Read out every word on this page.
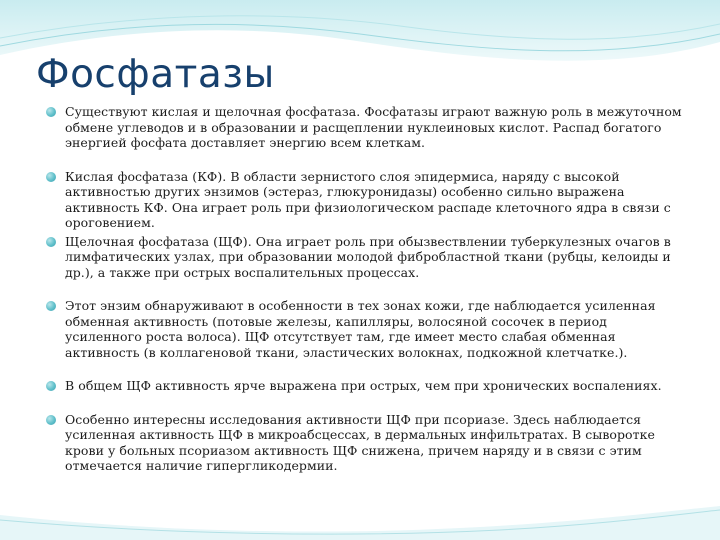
Фосфатазы
Существуют кислая и щелочная фосфатаза. Фосфатазы играют важную роль в межуточном обмене углеводов и в образовании и расщеплении нуклеиновых кислот. Распад богатого энергией фосфата доставляет энергию всем клеткам.
Кислая фосфатаза (КФ). В области зернистого слоя эпидермиса, наряду с высокой активностью других энзимов (эстераз, глюкуронидазы) особенно сильно выражена активность КФ. Она играет роль при физиологическом распаде клеточного ядра в связи с ороговением.
Щелочная фосфатаза (ЩФ). Она играет роль при обызвествлении туберкулезных очагов в лимфатических узлах, при образовании молодой фибробластной ткани (рубцы, келоиды и др.), а также при острых воспалительных процессах.
Этот энзим обнаруживают в особенности в тех зонах кожи, где наблюдается усиленная обменная активность (потовые железы, капилляры, волосяной сосочек в период усиленного роста волоса). ЩФ отсутствует там, где имеет место слабая обменная активность (в коллагеновой ткани, эластических волокнах, подкожной клетчатке.).
В общем ЩФ активность ярче выражена при острых, чем при хронических воспалениях.
Особенно интересны исследования активности ЩФ при псориазе. Здесь наблюдается усиленная активность ЩФ в микроабсцессах, в дермальных инфильтратах. В сыворотке крови у больных псориазом активность ЩФ снижена, причем наряду и в связи с этим отмечается наличие гипергликодермии.
